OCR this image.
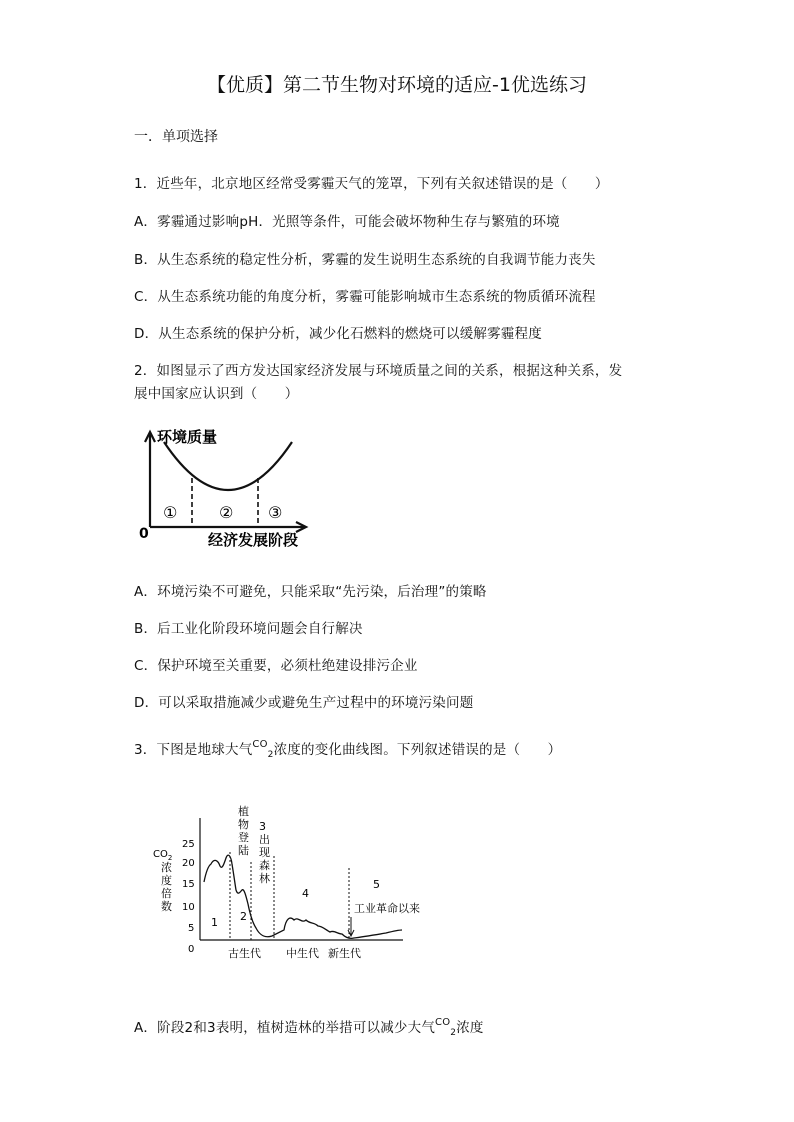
【优质】第二节生物对环境的适应-1优选练习
一．单项选择
1．近些年，北京地区经常受雾霾天气的笼罩，下列有关叙述错误的是（　　）
A．雾霾通过影响pH．光照等条件，可能会破坏物种生存与繁殖的环境
B．从生态系统的稳定性分析，雾霾的发生说明生态系统的自我调节能力丧失
C．从生态系统功能的角度分析，雾霾可能影响城市生态系统的物质循环流程
D．从生态系统的保护分析，减少化石燃料的燃烧可以缓解雾霾程度
2．如图显示了西方发达国家经济发展与环境质量之间的关系，根据这种关系，发
展中国家应认识到（　　）
环境质量
0	经济发展阶段
①	② ③
A．环境污染不可避免，只能采取“先污染，后治理”的策略
B．后工业化阶段环境问题会自行解决
C．保护环境至关重要，必须杜绝建设排污企业
D．可以采取措施减少或避免生产过程中的环境污染问题
3．下图是地球大气$^{CO}_2$浓度的变化曲线图。下列叙述错误的是（　　）
$CO_2$
浓
度
倍
数
0
5
10
15
20
25
植
物
登
陆
3
出
现
森
林
1 2
4
5
工业革命以来
古生代 中生代 新生代
A．阶段2和3表明，植树造林的举措可以减少大气$^{CO}_2$浓度
